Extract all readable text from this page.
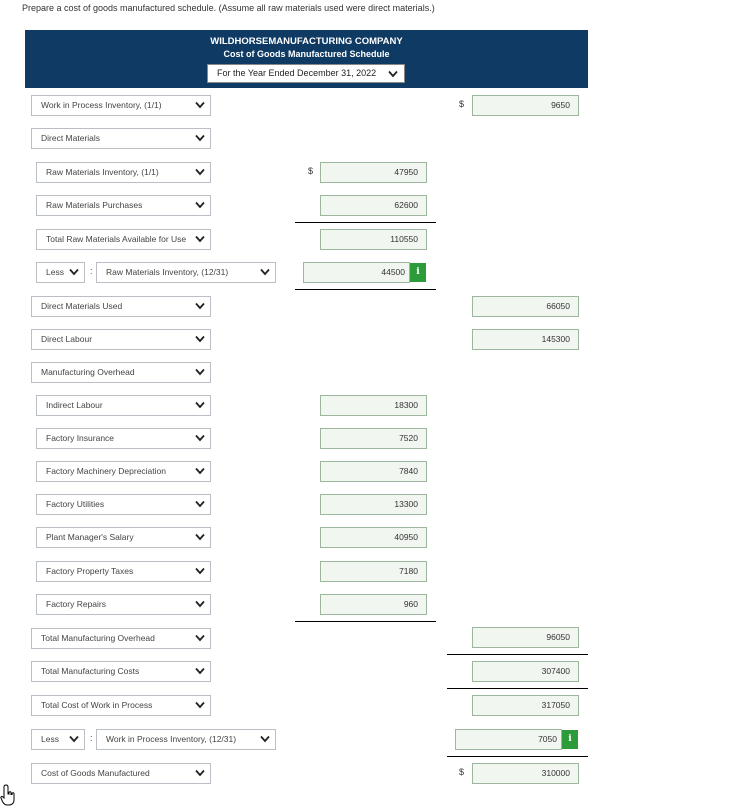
Prepare a cost of goods manufactured schedule. (Assume all raw materials used were direct materials.)
WILDHORSEMANUFACTURING COMPANY
Cost of Goods Manufactured Schedule
For the Year Ended December 31, 2022
Work in Process Inventory, (1/1)	$	9650
Direct Materials
Raw Materials Inventory, (1/1)	$	47950
Raw Materials Purchases	62600
Total Raw Materials Available for Use	110550
Less	:	Raw Materials Inventory, (12/31)	44500	i
Direct Materials Used	66050
Direct Labour	145300
Manufacturing Overhead
Indirect Labour	18300
Factory Insurance	7520
Factory Machinery Depreciation	7840
Factory Utilities	13300
Plant Manager's Salary	40950
Factory Property Taxes	7180
Factory Repairs	960
Total Manufacturing Overhead	96050
Total Manufacturing Costs	307400
Total Cost of Work in Process	317050
Less	:	Work in Process Inventory, (12/31)	7050	i
Cost of Goods Manufactured	$	310000
